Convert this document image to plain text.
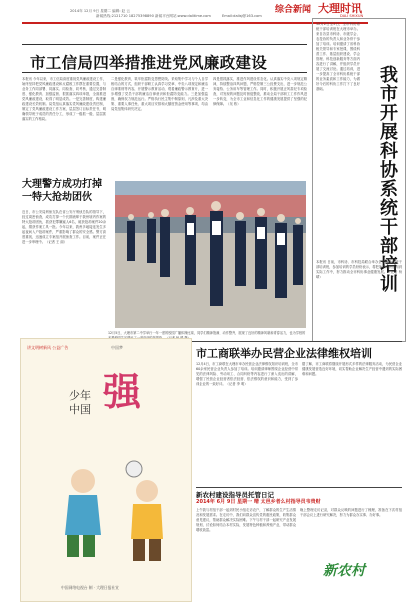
2014年 12月 9日 星期二 编辑: 赵 云
新闻热线:2121710 18275398890 新闻平台网站:www.dalitime.com	Email:dalisj@163.com
综合新闻 大理时讯
DALI SHIXUN
市工信局四举措推进党风廉政建设
本报讯 今年以来，市工信局高度重视党风廉政建设工作，始终坚持把党风廉政建设和反腐败工作摆在重要位置，与业务工作同部署、同落实、同检查、同考核，通过完善制度、强化教育、加强监督、狠抓落实四项举措，全面推进党风廉政建设，取得了明显成效。一是完善制度，构建廉政建设长效机制。局党组认真落实党风廉政建设责任制，制定了党风廉政建设工作方案，层层签订目标责任书，明确领导班子成员的责任分工，形成了一级抓一级、层层抓落实的工作格局。
二是强化教育，筑牢拒腐防变思想防线。采取集中学习与个人自学相结合的方式，组织干部职工认真学习党章、中央八项规定和廉洁自律准则等内容，开展警示教育活动，观看廉政警示教育片，进一步增强了党员干部的廉洁自律意识和拒腐防变能力。三是加强监督，确保权力规范运行。严格执行民主集中制原则，凡涉及重大决策、重要人事任免、重大项目安排和大额度资金使用等事项，均由局党组集体研究决定。
四是狠抓落实，推进作风建设常态化。认真落实中央八项规定精神，持续整治四风问题，严格控制三公经费支出，进一步规范公务接待、公务用车等管理工作。同时，积极开展正风肃纪专项检查，对发现的问题及时督促整改，推动全局干部职工工作作风进一步转变，为全市工业和信息化工作的健康发展提供了坚强的纪律保障。（吴 栋）
12月2日至3日，全市科协系统干部培训班在大理市举办。来自各县市科协、市级学会、农技协的负责人和业务骨干参加了培训。培训邀请了省科协相关领导和专家授课，围绕科普工作、基层组织建设、学会管理、科技创新服务等方面内容进行了讲解，并组织学员开展了交流讨论。通过培训，进一步提高了全市科协系统干部的业务素质和工作能力，为做好今后的科协工作打下了良好基础。	我市开展科协系统干部培训
本报讯 日前，市科协、市科技局联合举办全市科协系统干部培训班，参加培训的学员纷纷表示，将把所学知识运用到实际工作中，努力推动全市科协事业健康发展。（记者 杨 晴）
大理警方成功打掉一特大抢劫团伙
近日，市公安局刑侦支队在省公安厅刑侦总队的指导下，经过周密侦查，成功打掉一个长期流窜于我州境内作案的特大抢劫团伙，抓获犯罪嫌疑人6名，破获抢劫案件20余起，缴获作案工具一批。今年以来，我州多地接连发生多起夜间入户抢劫案件，严重影响了群众的安全感。警方高度重视，迅速成立专案组开展侦查工作。目前，案件正在进一步审理中。（记者 王 丽）
12月5日，大理市第二中学举行一年一度的校园广播体操比赛，同学们精神饱满、动作整齐，展现了良好的精神风貌和青春活力，也为学校的
讲文明树新风 公益广告	中国梦
少年
中国 强
中国网络电视台 制 · 大理日报社宣
市工商联举办民营企业法律维权培训
12月4日，市工商联在大理市举办民营企业法律维权知识培训班，全市60余家民营企业负责人参加了培训。培训邀请律师围绕企业经营中常见的法律风险、劳动用工、合同纠纷等内容进行了深入浅出的讲解，增强了民营企业经营者依法经营、依法维权的意识和能力，受到了参训企业的一致好评。（记者 李 明）
据了解，市工商联将继续开展形式多样的法律服务活动，为民营企业健康发展营造良好环境，切实帮助企业解决生产经营中遇到的实际困难和问题。
新农村建设指导员托管日记
2014年 6月 9日 星期一 晴 太邑乡者么村指导员韦贵财
上午我与村组干部一起到村民小组走访农户，了解群众的生产生活情况和发展需求。在走访中，我们向群众宣传党的惠民政策，收集群众意见建议，帮助群众解决实际困难。下午与村干部一起研究产业发展规划，讨论如何结合本村实际，发展特色种植和养殖产业，带动群众增收致富。
晚上整理走访记录，对群众反映的问题进行了梳理，准备在下次村组干部会议上进行研究解决，努力为群众办实事、办好事。
新农村
